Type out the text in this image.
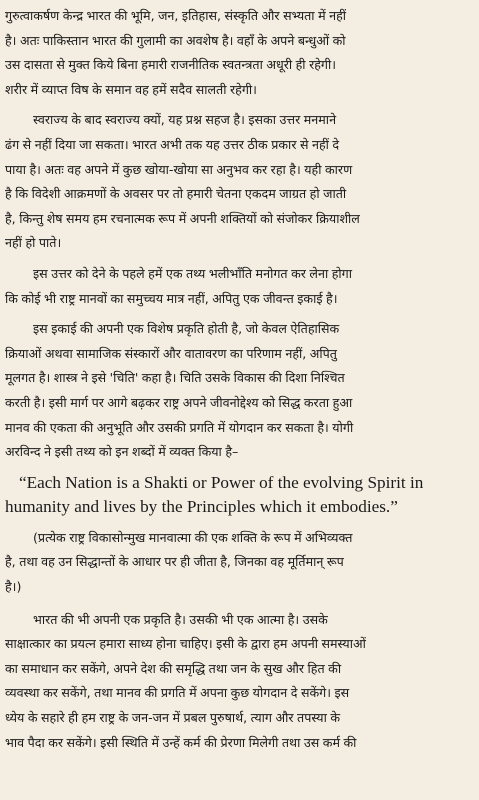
गुरुत्वाकर्षण केन्द्र भारत की भूमि, जन, इतिहास, संस्कृति और सभ्यता में नहीं
है। अतः पाकिस्तान भारत की गुलामी का अवशेष है। वहाँ के अपने बन्धुओं को
उस दासता से मुक्त किये बिना हमारी राजनीतिक स्वतन्त्रता अधूरी ही रहेगी।
शरीर में व्याप्त विष के समान वह हमें सदैव सालती रहेगी।

स्वराज्य के बाद स्वराज्य क्यों, यह प्रश्न सहज है। इसका उत्तर मनमाने
ढंग से नहीं दिया जा सकता। भारत अभी तक यह उत्तर ठीक प्रकार से नहीं दे
पाया है। अतः वह अपने में कुछ खोया-खोया सा अनुभव कर रहा है। यही कारण
है कि विदेशी आक्रमणों के अवसर पर तो हमारी चेतना एकदम जाग्रत हो जाती
है, किन्तु शेष समय हम रचनात्मक रूप में अपनी शक्तियों को संजोकर क्रियाशील
नहीं हो पाते।

इस उत्तर को देने के पहले हमें एक तथ्य भलीभाँति मनोगत कर लेना होगा
कि कोई भी राष्ट्र मानवों का समुच्चय मात्र नहीं, अपितु एक जीवन्त इकाई है।

इस इकाई की अपनी एक विशेष प्रकृति होती है, जो केवल ऐतिहासिक
क्रियाओं अथवा सामाजिक संस्कारों और वातावरण का परिणाम नहीं, अपितु
मूलगत है। शास्त्र ने इसे 'चिति' कहा है। चिति उसके विकास की दिशा निश्चित
करती है। इसी मार्ग पर आगे बढ़कर राष्ट्र अपने जीवनोद्देश्य को सिद्ध करता हुआ
मानव की एकता की अनुभूति और उसकी प्रगति में योगदान कर सकता है। योगी
अरविन्द ने इसी तथ्य को इन शब्दों में व्यक्त किया है–

“Each Nation is a Shakti or Power of the evolving Spirit in
humanity and lives by the Principles which it embodies.”

(प्रत्येक राष्ट्र विकासोन्मुख मानवात्मा की एक शक्ति के रूप में अभिव्यक्त
है, तथा वह उन सिद्धान्तों के आधार पर ही जीता है, जिनका वह मूर्तिमान् रूप
है।)

भारत की भी अपनी एक प्रकृति है। उसकी भी एक आत्मा है। उसके
साक्षात्कार का प्रयत्न हमारा साध्य होना चाहिए। इसी के द्वारा हम अपनी समस्याओं
का समाधान कर सकेंगे, अपने देश की समृद्धि तथा जन के सुख और हित की
व्यवस्था कर सकेंगे, तथा मानव की प्रगति में अपना कुछ योगदान दे सकेंगे। इस
ध्येय के सहारे ही हम राष्ट्र के जन-जन में प्रबल पुरुषार्थ, त्याग और तपस्या के
भाव पैदा कर सकेंगे। इसी स्थिति में उन्हें कर्म की प्रेरणा मिलेगी तथा उस कर्म की
